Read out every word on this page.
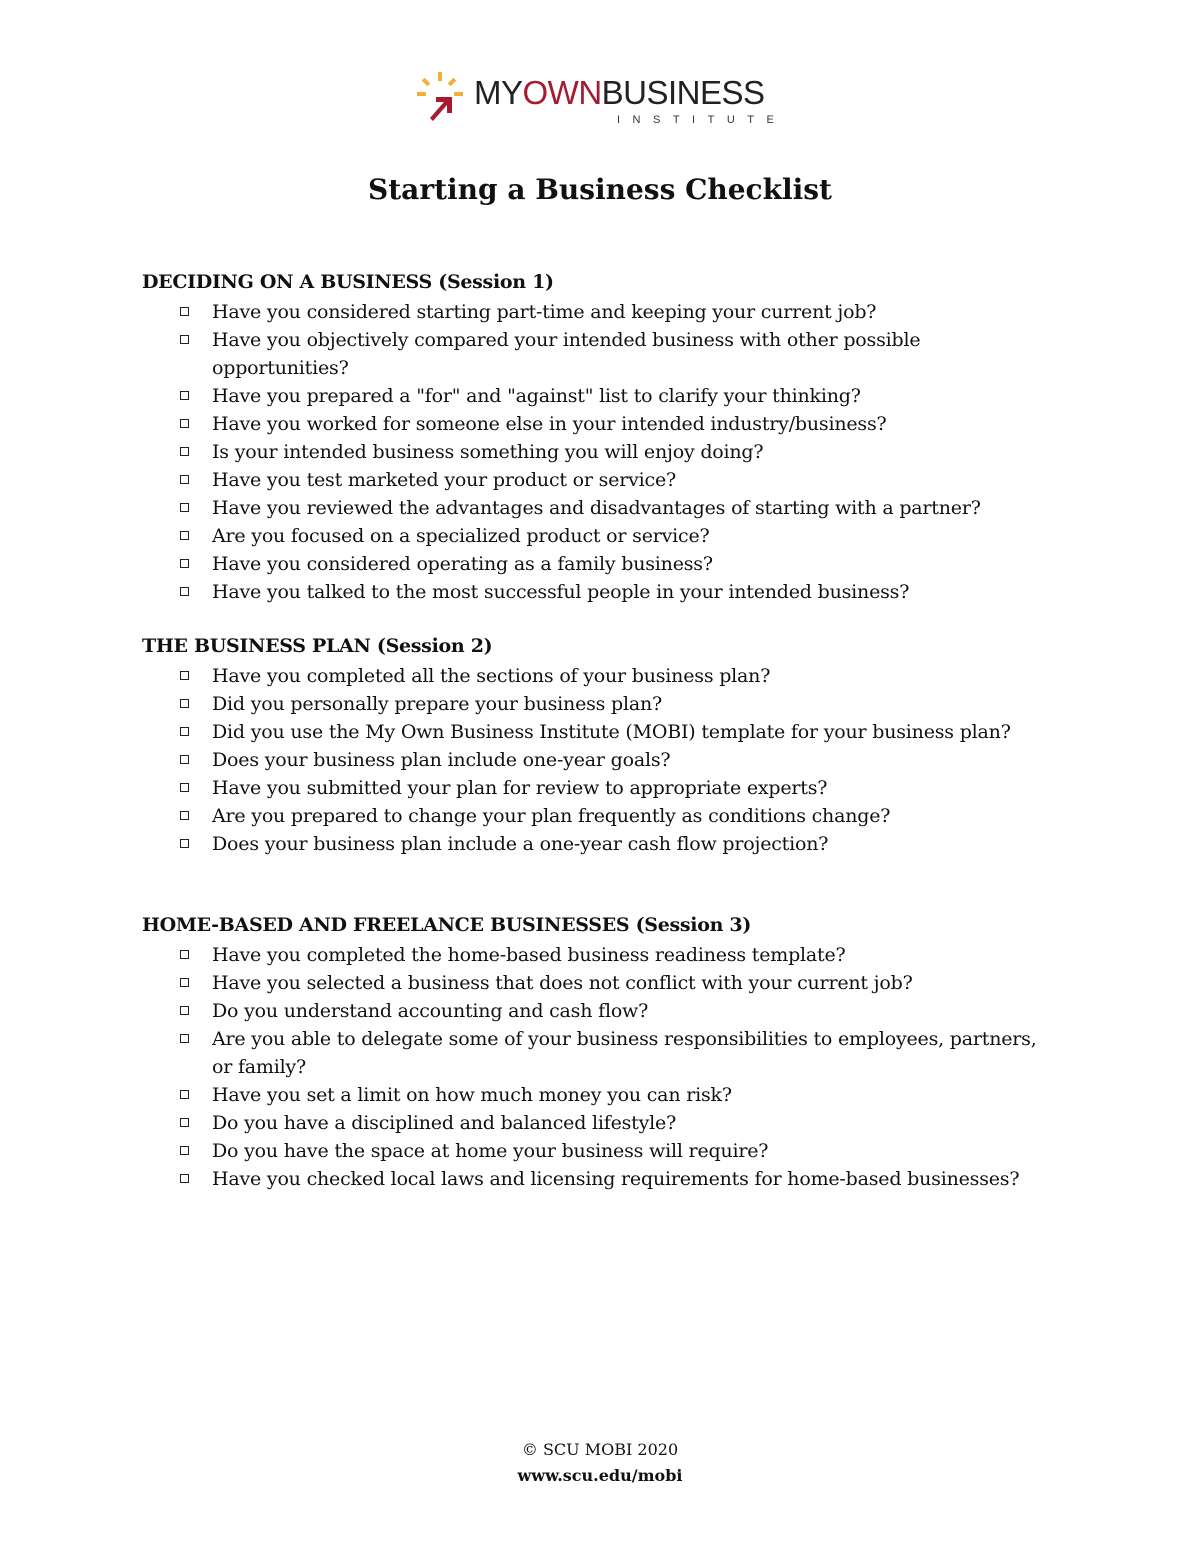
MYOWNBUSINESS
INSTITUTE
Starting a Business Checklist
DECIDING ON A BUSINESS (Session 1)
Have you considered starting part-time and keeping your current job?
Have you objectively compared your intended business with other possible opportunities?
Have you prepared a "for" and "against" list to clarify your thinking?
Have you worked for someone else in your intended industry/business?
Is your intended business something you will enjoy doing?
Have you test marketed your product or service?
Have you reviewed the advantages and disadvantages of starting with a partner?
Are you focused on a specialized product or service?
Have you considered operating as a family business?
Have you talked to the most successful people in your intended business?
THE BUSINESS PLAN (Session 2)
Have you completed all the sections of your business plan?
Did you personally prepare your business plan?
Did you use the My Own Business Institute (MOBI) template for your business plan?
Does your business plan include one-year goals?
Have you submitted your plan for review to appropriate experts?
Are you prepared to change your plan frequently as conditions change?
Does your business plan include a one-year cash flow projection?
HOME-BASED AND FREELANCE BUSINESSES (Session 3)
Have you completed the home-based business readiness template?
Have you selected a business that does not conflict with your current job?
Do you understand accounting and cash flow?
Are you able to delegate some of your business responsibilities to employees, partners, or family?
Have you set a limit on how much money you can risk?
Do you have a disciplined and balanced lifestyle?
Do you have the space at home your business will require?
Have you checked local laws and licensing requirements for home-based businesses?
© SCU MOBI 2020
www.scu.edu/mobi
